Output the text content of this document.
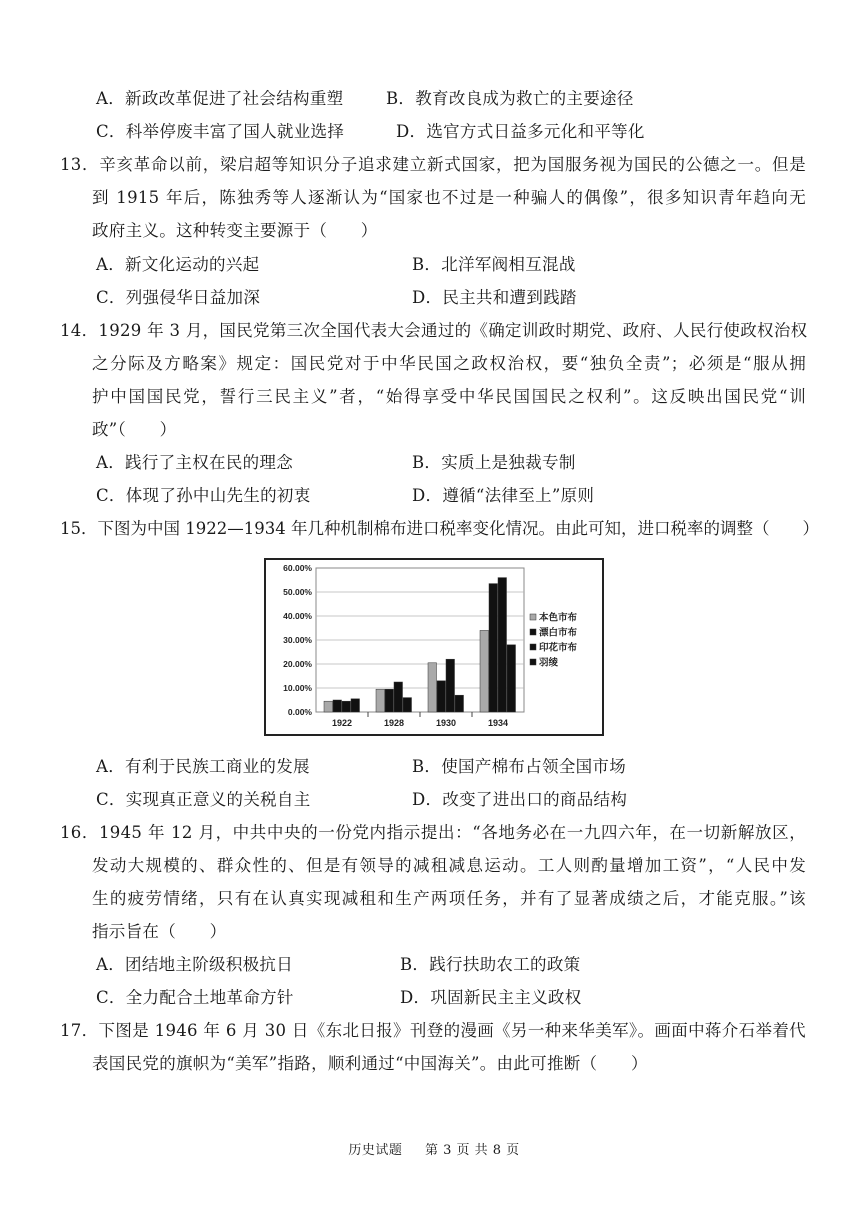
A．新政改革促进了社会结构重塑	B．教育改良成为救亡的主要途径
C．科举停废丰富了国人就业选择	D．选官方式日益多元化和平等化
13．辛亥革命以前，梁启超等知识分子追求建立新式国家，把为国服务视为国民的公德之一。但是
到 1915 年后，陈独秀等人逐渐认为“国家也不过是一种骗人的偶像”，很多知识青年趋向无
政府主义。这种转变主要源于（　　）
A．新文化运动的兴起	B．北洋军阀相互混战
C．列强侵华日益加深	D．民主共和遭到践踏
14．1929 年 3 月，国民党第三次全国代表大会通过的《确定训政时期党、政府、人民行使政权治权
之分际及方略案》规定：国民党对于中华民国之政权治权，要“独负全责”；必须是“服从拥
护中国国民党，誓行三民主义”者，“始得享受中华民国国民之权利”。这反映出国民党“训
政”（　　）
A．践行了主权在民的理念	B．实质上是独裁专制
C．体现了孙中山先生的初衷	D．遵循“法律至上”原则
15．下图为中国 1922—1934 年几种机制棉布进口税率变化情况。由此可知，进口税率的调整（　　）
0.00%
10.00%
20.00%
30.00%
40.00%
50.00%
60.00%
1922	1928	1930	1934
本色市布
漂白市布
印花市布
羽绫
A．有利于民族工商业的发展	B．使国产棉布占领全国市场
C．实现真正意义的关税自主	D．改变了进出口的商品结构
16．1945 年 12 月，中共中央的一份党内指示提出：“各地务必在一九四六年，在一切新解放区，
发动大规模的、群众性的、但是有领导的减租减息运动。工人则酌量增加工资”，“人民中发
生的疲劳情绪，只有在认真实现减租和生产两项任务，并有了显著成绩之后，才能克服。”该
指示旨在（　　）
A．团结地主阶级积极抗日	B．践行扶助农工的政策
C．全力配合土地革命方针	D．巩固新民主主义政权
17．下图是 1946 年 6 月 30 日《东北日报》刊登的漫画《另一种来华美军》。画面中蒋介石举着代
表国民党的旗帜为“美军”指路，顺利通过“中国海关”。由此可推断（　　）
历史试题 第 3 页 共 8 页
